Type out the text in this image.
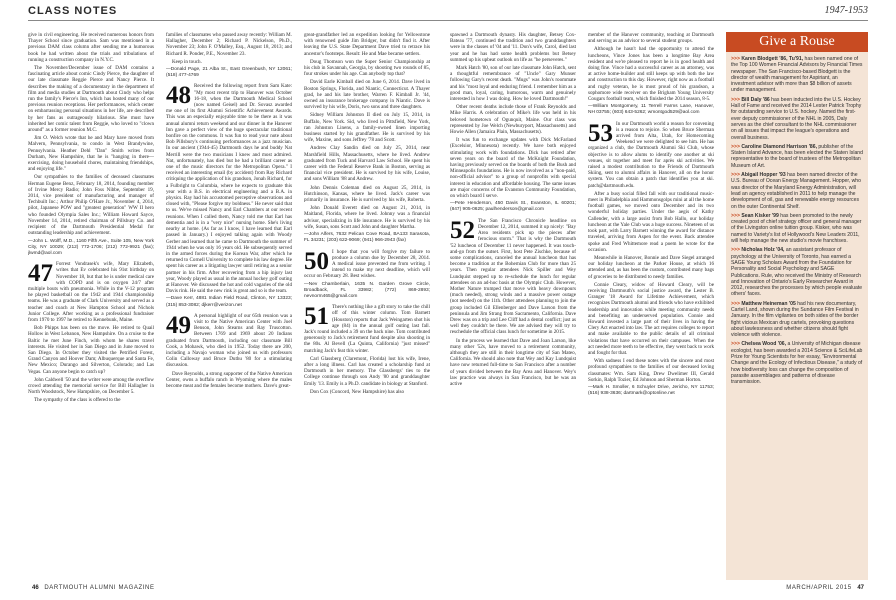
CLASS NOTES	1947-1953

give in civil engineering. He received numerous honors from Thayer School since graduation. Sam was mentioned in a previous DAM class column after sending me a humorous book he had written about the trials and tribulations of running a construction company in N.Y.C.

The November/December issue of DAM contains a fascinating article about comic Cindy Pierce, the daughter of our late classmate Reggie Pierce and Nancy Pierce. It describes the making of a documentary in the department of film and media studies at Dartmouth about Cindy who helps run the family's Pierce's Inn, which has hosted many of our previous reunion receptions. Her performances, which center on embarrassing personal situations in her life, are described by her fans as outrageously hilarious. She must have inherited her comic talent from Reggie, who loved to "clown around" as a former reunion M.C.

Jim O. Welch wrote that he and Mary have moved from Malvern, Pennsylvania, to condo in West Brandywine, Pennsylvania. Heather Dehl "Dan" Smith writes from Durham, New Hampshire, that he is "hanging in there—exercising, doing household chores, maintaining friendships, and enjoying life."

Our sympathies to the families of deceased classmates Herman Eugene Benz, February 18, 2014, founding member of Irvine Mercy Radio; John Foss Nibbe, September 19, 2014, vice president of manufacturing and manager of Techbuilt Inc.; Arthur Philip O'Hare Jr., November 4, 2014, pilot, Japanese POW and "greatest generation" WW II hero who founded Olympia Sales Inc.; William Howard Sayce, November 14, 2014, retired chairman of Pillsbury Co. and recipient of the Dartmouth Presidential Medal for outstanding leadership and achievement.

—John L. Wolff, M.D., 1160 Fifth Ave., Suite 105, New York City, NY 10029; (212) 772-1706; (212) 772-9921 (fax); jlwmd@aol.com

47 Forrest Vondrasek's wife, Mary Elizabeth, writes that Ev celebrated his 91st birthday on November 18, but that he is under medical care with COPD and is on oxygen 24/7 after multiple bouts with pneumonia. While in the V-12 program he played basketball on the 1942 and 1944 championship teams. He was a graduate of Clark University and served as a teacher and coach at New Hampton School and Nichols Junior College. After working as a professional fundraiser from 1970 to 1997 he retired to Kennebunk, Maine.

Bob Phipps has been on the move. He retired to Quail Hollow in West Lebanon, New Hampshire. On a cruise to the Baltic he met June Finch, with whom he shares travel interests. He visited her in San Diego and in June moved to San Diego. In October they visited the Petrified Forest, Grand Canyon and Hoover Dam; Albuquerque and Santa Fe, New Mexico; Durango and Silverton, Colorado; and Las Vegas. Can anyone begin to catch up?

John Caldwell '50 and the writer were among the overflow crowd attending the memorial service for Bill Hallagher in North Woodstock, New Hampshire, on December 5.

The sympathy of the class is offered to the

families of classmates who passed away recently: William M. Hallagher, December 2; Richard P. Nickelson, Ph.D., November 23; John F. O'Malley, Esq., August 18, 2013; and Richard R. Ponder, P.E., November 23.

Keep in touch.

—Donald Page, 21 Alba St., East Greenbush, NY 12061; (518) 477-4769

48 Received the following report from Sam Kate: "My most recent trip to Hanover was October 16-18, when the Dartmouth Medical School (now named Geisel) and Dr. Sovasz awarded me one of its first Alumni Scientific Achievement Awards. This was an especially enjoyable time to be there as it was annual alumni return weekend and our dinner in the Hanover Inn gave a perfect view of the huge spectacular traditional bonfire on the commons. It was fun to read your note about Bob Pillsbury's continuing performances as a jazz musician. In our ancient (1944-45) Dartmouth days he and buddy Nat Merrill were the two musicians I knew and most admired. Nat, unfortunately, has died but he had a brilliant career as one of the music directors for the Metropolitan Opera." I received an interesting email (by accident) from Ray Richard critiquing the application of his grandson, Jonah Richard, for a Fulbright to Columbia, where he expects to graduate this year with a B.S. in electrical engineering and a B.A. in physics. Ray had his accustomed perceptive observations and closed with, "Please forgive my boldness." He never said that to us. We've missed Nancy and Earl Chambers at our recent reunions. When I called them, Nancy told me that Earl has dementia and is in a "very nice" nursing home. She's living nearby at home. (As far as I know, I have learned that Earl passed in January.) I enjoyed talking again with Woody Gerber and learned that he came to Dartmouth the summer of 1944 when he was only 16 years old. He subsequently served in the armed forces during the Korean War, after which he returned to Cornell University to complete his law degree. He spent his career as a litigating lawyer until retiring as a senior partner in his firm. After recovering from a hip injury last year, Woody played as usual in the annual hockey golf outing at Hanover. We discussed the hot and cold vagaries of the old Davis rink. He said the new rink is great and so is the team.

—Dave Kerr, 4881 Indian Field Road, Clinton, NY 13323; (315) 853-3082; djkerr@verizon.net

49 A personal highlight of our 65th reunion was a visit to the Native American Center with Joel Benson, John Stearns and Ray Truscotton. Between 1769 and 1969 about 20 Indians graduated from Dartmouth, including our classmate Bill Cook, a Mohawk, who died in 1952. Today there are 200, including a Navajo woman who joined us with professors Colin Calloway and Bruce Duthu '80 for a stimulating discussion.

Dave Reynolds, a strong supporter of the Native American Center, owns a buffalo ranch in Wyoming where the males become meat and the females become mothers. Dave's great-

great-grandfather led an expedition looking for Yellowstone with renowned guide Jim Bridger, but didn't find it. After leaving the U.S. State Department Dave tried to retrace his ancestor's footsteps. Result: He and Mae became settlers.

Doug Thomson won the Super Senior Championship at his club in Savannah, Georgia, by shooting two rounds of 85, four strokes under his age. Can anybody top that?

David Earle Kimball died on June 6, 2014. Dave lived in Boston Springs, Florida, and Niantic, Connecticut. A Thayer grad, he and his late brother, Warren F. Kimball Jr. '44, owned an insurance brokerage company in Niantic. Dave is survived by his wife, Doris, two sons and three daughters.

Sidney William Johnston II died on July 15, 2014, in Buffalo, New York. Sid, who lived in Pittsfield, New York, ran Johnston Linens, a family-owned linen importing business started by his grandfather. He is survived by his wife, Maxine, and sons Jeffrey '78 and Scott.

Andrew Clay Sandin died on July 25, 2014, near Marshfield Hills, Massachusetts, where he lived. Andrew graduated from Tuck and Harvard Law School. He spent his career with the Federal Reserve Bank in Boston, serving as financial vice president. He is survived by his wife, Louise, and sons William '88 and Andrew.

John Dennis Coleman died on August 25, 2014, in Hutchinson, Kansas, where he lived. Jack's career was primarily in insurance. He is survived by his wife, Roberta.

John Donald Everett died on August 21, 2014, in Maitland, Florida, where he lived. Johnny was a financial advisor, specializing in life insurance. He is survived by his wife, Susan, sons Scott and John and daughter Martha.

—John Alfers, 7632 Pelican Cove Road, BA133 Sarasota, FL 34231; (203) 622-9069; (941) 966-2943 (fax)

50 I hope that you will forgive my failure to produce a column due by December 28, 2014. A medical issue prevented me from writing. I intend to make my next deadline, which will occur on February 28. Best wishes.

—Nev Chamberlain, 1635 N. Garden Grove Circle, Broadback, FL 33982; (772) 869-2893; nevnorm465@gmail.com

51 There's nothing like a gift story to take the chill off of this winter column. Tom Barnett (Houston) reports that Jack Weingarten shot his age (84) in the annual golf outing last fall. Jack's round included a 39 on the back nine. Tom contributed generously to Jack's retirement fund despite also shooting in the 80s. Al Bevell (La Quinta, California) "just missed" matching Jack's feat this winter.

Carl Glassberg (Claremont, Florida) lost his wife, Irene, after a long illness. Carl has created a scholarship fund at Dartmouth in her memory. The Glassbergs' ties to the College continue through son Andy '80 and granddaughter Emily '13. Emily is a Ph.D. candidate in biology at Stanford.

Don Cox (Concord, New Hampshire) has also

spawned a Dartmouth dynasty. His daughter, Betsey Cox-Bateau '77, continued the tradition and two granddaughters were in the classes of '04 and '11. Don's wife, Carol, died last year and he has had some health problems but Betsey summed up his upbeat outlook on life as "he perseveres."

Mark Hatch '80, son of our late classmate John Hatch, sent a thoughtful remembrance of "Uncle" Gary Munser following Gary's recent death. "Mugs" was John's roommate and his "most loyal and enduring friend. I remember him as a good man, loyal, caring, humorous, warm and genuinely interested in how I was doing. How he loved Dartmouth!"

Other recent deaths include those of Frank Reynolds and Mike Harris. A celebration of Mike's life was held in his beloved hometown of Ogunquit, Maine. Our class was represented by Joe Welch (Newburyport, Massachusetts) and Howie Allen (Jamaica Plain, Massachusetts).

It was fun to exchange updates with Dick McFarland (Excelsior, Minnesota) recently. We have both enjoyed stimulating work with foundations. Dick has retired after seven years on the board of the McKnight Foundation, having previously served on the boards of both the Bush and Minneapolis foundations. He is now involved as a "non-paid, non-official advisor" to a group of nonprofits with special interest in education and affordable housing. The same issues are major concerns of the Evanston Community Foundation, on which board I serve.

—Pete Henderson, 450 Davis St., Evanston, IL 60201; (847) 905-0625; paulhenderson@gmail.com

52 The San Francisco Chronicle headline on December 12, 2014, summed it up nicely: "Bay Area residents pick up the pieces after ferocious storm." That is why the Dartmouth '52 luncheon of December 11 never happened. It was touch-and-go from the outset. First, host Pete Zischke, because of some complications, canceled the annual luncheon that has become a tradition at the Bohemian Club for more than 25 years. Then regular attendees Nick Spiller and Wey Lundquist stepped up to re-schedule the lunch for regular attendees on an ad-hoc basis at the Olympic Club. However, Mother Nature trumped that move with heavy downpours (much needed), strong winds and a massive power outage (not needed) on the 11th. Other attendees planning to join the group included Gil Ellenberger and Dave Larson from the peninsula and Jim Strang from Sacramento, California. Dave Drew was on a trip and Lee Cliff had a dental conflict; just as well they couldn't be there. We are advised they will try to reschedule the official class lunch for sometime in 2015.

In the process we learned that Dave and Joan Larson, like many other '52s, have moved to a retirement community, although they are still in their longtime city of San Mateo, California. We should also note that Wey and Kay Lundquist have now returned full-time to San Francisco after a number of years divided between the Bay Area and Hanover. Wey's law practice was always in San Francisco, but he was an active

member of the Hanover community, teaching at Dartmouth and serving as an advisor to several student groups.

Although he hasn't had the opportunity to attend the luncheons, Vince Jones has been a longtime Bay Area resident and we're pleased to report he is in good health and doing fine. Vince had a successful career as an attorney, was at active home-builder and still keeps up with both the law and construction to this day. However, right now as a football and rugby veteran, he is most proud of his grandson, a sophomore wide receiver on the Brigham Young University Cougars football team, which finished the 2014 season, 8-5.

—William Montgomery, 11 Terrell Farms Lane, Hanover, NH 03755; (603) 643-5262; wmontgod529@aol.com

53 In our Dartmouth world a reason for convening is a reason to rejoice. So when Bruce Sherman arrived from Alta, Utah, for Homecoming Weekend we were delighted to see him. He has organized a club, the Dartmouth Alumni Ski Club, whose objective is to allow alums to identify one another at ski venues, sit together and meet for après ski activities. We raised a modest contribution to the Friends of Dartmouth Skiing, sent to alumni affairs in Hanover, all on the honor system. You can obtain a patch that identifies you at ski. patch@dartmouth.edu.

After a busy social filled fall with our traditional music-meet in Philadelphia and Hammonsgolps mini at all the home football games, we moved onto December and its two wonderful holiday parties. Under the aegis of Kathy Callender, with a large assist from Bob Hallo, our holiday luncheon at the Yale Club was a huge success. Nineteen of us took part, with Larry Barnett winning the award for distance traveled, arriving from Aspen for the event. Back attendee spoke and Fred Whittemore read a poem he wrote for the occasion.

Meanwhile in Hanover, Bonnie and Dave Siegel arranged our holiday luncheon at the Parker House, at which 16 attended and, as has been the custom, contributed many bags of groceries to be distributed to needy families.

Connie Cleary, widow of Howard Cleary, will be receiving Dartmouth's social justice award, the Lester B. Granger '18 Award for Lifetime Achievement, which recognizes Dartmouth alumni and friends who have exhibited leadership and innovation while meeting community needs and benefiting an underserved population. Connie and Howard invested a large part of their lives in having the Clery Act enacted into law. The act requires colleges to report and make available to the public details of all criminal violations that have occurred on their campuses. When the act needed more teeth to be effective, they went back to work and fought for that.

With sadness I end these notes with the sincere and most profound sympathies to the families of our deceased loving classmates: Wm. Sam King, Drew Dwelimer III, Gerald Sorkin, Ralph Tozier, Ed Johnson and Sherman Horton.

—Mark H. Smoller, 6 Schuyler Drive, Jericho, NY 11753; (516) 938-3636; dartmark@optonline.net
Give a Rouse
>>> Karen Blodgett '86, Tu'91, has been named one of the Top 100 Women Financial Advisors by Financial Times newspaper. The San Francisco-based Blodgett is the director of wealth management for Aspiriant, an investment advisor with more than $8 billion of assets under management.
>>> Bill Daly '86 has been inducted into the U.S. Hockey Hall of Fame and received the 2014 Lester Patrick Trophy for outstanding service to U.S. hockey. Named the first-ever deputy commissioner of the NHL in 2005, Daly serves as the chief consultant to the NHL commissioner on all issues that impact the league's operations and overall business.
>>> Caroline Diamond Harrison '86, publisher of the Staten Island Advance, has been elected the Staten Island representative to the board of trustees of the Metropolitan Museum of Art.
>>> Abigail Hopper '93 has been named director of the U.S. Bureau of Ocean Energy Management. Hopper, who was director of the Maryland Energy Administration, will lead an agency established in 2011 to help manage the development of oil, gas and renewable energy resources on the outer Continental Shelf.
>>> Sean Kisker '99 has been promoted to the newly created post of chief strategy officer and general manager of the Livingston online tuition group. Kisker, who was named to Variety's list of Hollywood's New Leaders 2011, will help manage the new studio's movie franchises.
>>> Nicholas Holz '04, an assistant professor of psychology at the University of Toronto, has earned a SAGE Young Scholars Award from the Foundation for Personality and Social Psychology and SAGE Publications. Rule, who received the Ministry of Research and Innovation of Ontario's Early Researcher Award in 2012, researches the processes by which people evaluate others' faces.
>>> Matthew Heineman '05 had his new documentary, Cartel Land, shown during the Sundance Film Festival in January. In the film vigilantes on both sides of the border fight vicious Mexican drug cartels, provoking questions about lawlessness and whether citizens should fight violence with violence.
>>> Chelsea Wood '06, a University of Michigan disease ecologist, has been awarded a 2014 Science & SciLifeLab Prize for Young Scientists for her essay, "Environmental Change and the Ecology of Infectious Disease," a study of how biodiversity loss can change the composition of parasite assemblages and patterns of disease transmission.
46 DARTMOUTH ALUMNI MAGAZINE	MARCH/APRIL 2015 47
